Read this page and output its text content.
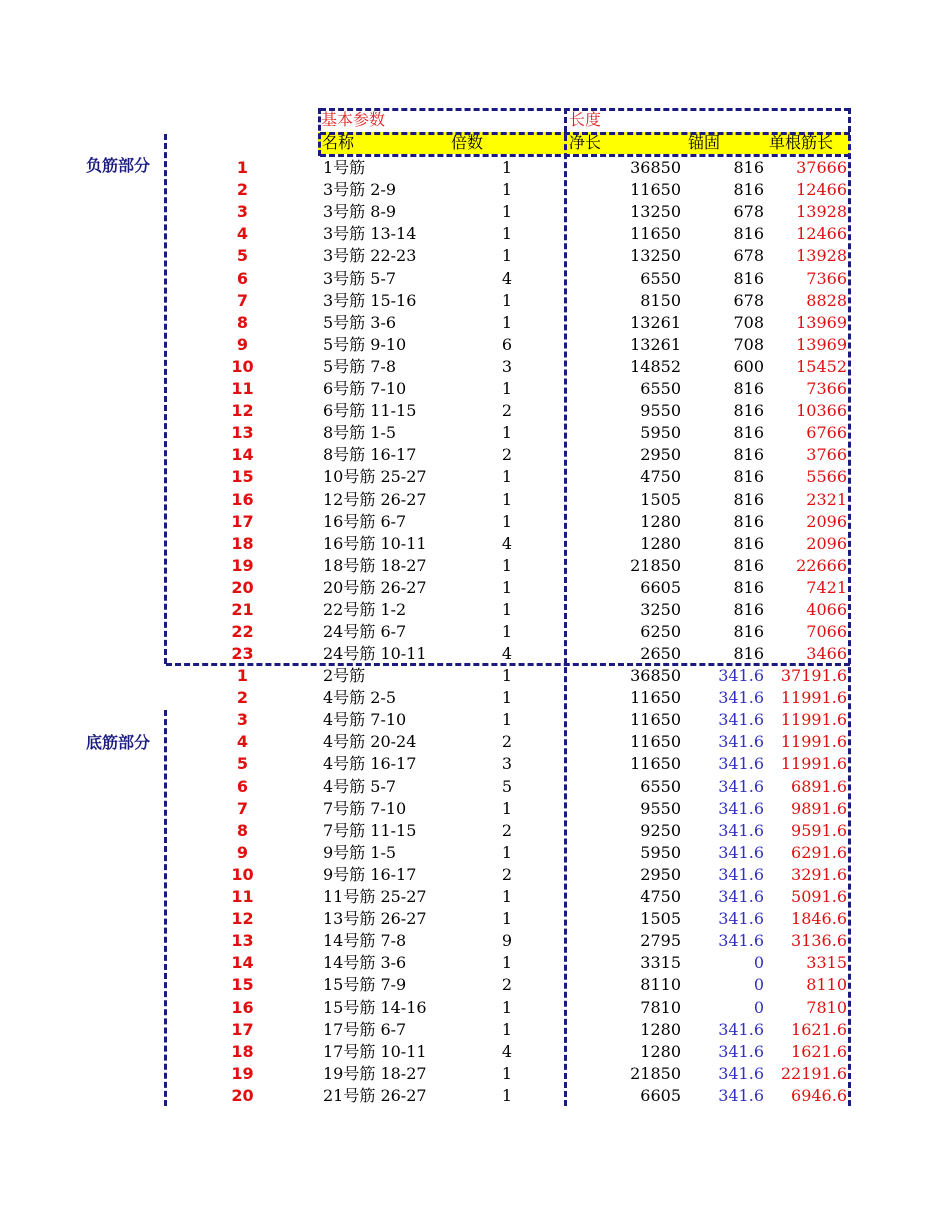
基本参数	长度
名称	倍数	净长	锚固	单根筋长
负筋部分
底筋部分
1	1号筋	1	36850	816	37666
2	3号筋 2-9	1	11650	816	12466
3	3号筋 8-9	1	13250	678	13928
4	3号筋 13-14	1	11650	816	12466
5	3号筋 22-23	1	13250	678	13928
6	3号筋 5-7	4	6550	816	7366
7	3号筋 15-16	1	8150	678	8828
8	5号筋 3-6	1	13261	708	13969
9	5号筋 9-10	6	13261	708	13969
10	5号筋 7-8	3	14852	600	15452
11	6号筋 7-10	1	6550	816	7366
12	6号筋 11-15	2	9550	816	10366
13	8号筋 1-5	1	5950	816	6766
14	8号筋 16-17	2	2950	816	3766
15	10号筋 25-27	1	4750	816	5566
16	12号筋 26-27	1	1505	816	2321
17	16号筋 6-7	1	1280	816	2096
18	16号筋 10-11	4	1280	816	2096
19	18号筋 18-27	1	21850	816	22666
20	20号筋 26-27	1	6605	816	7421
21	22号筋 1-2	1	3250	816	4066
22	24号筋 6-7	1	6250	816	7066
23	24号筋 10-11	4	2650	816	3466
1	2号筋	1	36850	341.6	37191.6
2	4号筋 2-5	1	11650	341.6	11991.6
3	4号筋 7-10	1	11650	341.6	11991.6
4	4号筋 20-24	2	11650	341.6	11991.6
5	4号筋 16-17	3	11650	341.6	11991.6
6	4号筋 5-7	5	6550	341.6	6891.6
7	7号筋 7-10	1	9550	341.6	9891.6
8	7号筋 11-15	2	9250	341.6	9591.6
9	9号筋 1-5	1	5950	341.6	6291.6
10	9号筋 16-17	2	2950	341.6	3291.6
11	11号筋 25-27	1	4750	341.6	5091.6
12	13号筋 26-27	1	1505	341.6	1846.6
13	14号筋 7-8	9	2795	341.6	3136.6
14	14号筋 3-6	1	3315	0	3315
15	15号筋 7-9	2	8110	0	8110
16	15号筋 14-16	1	7810	0	7810
17	17号筋 6-7	1	1280	341.6	1621.6
18	17号筋 10-11	4	1280	341.6	1621.6
19	19号筋 18-27	1	21850	341.6	22191.6
20	21号筋 26-27	1	6605	341.6	6946.6
